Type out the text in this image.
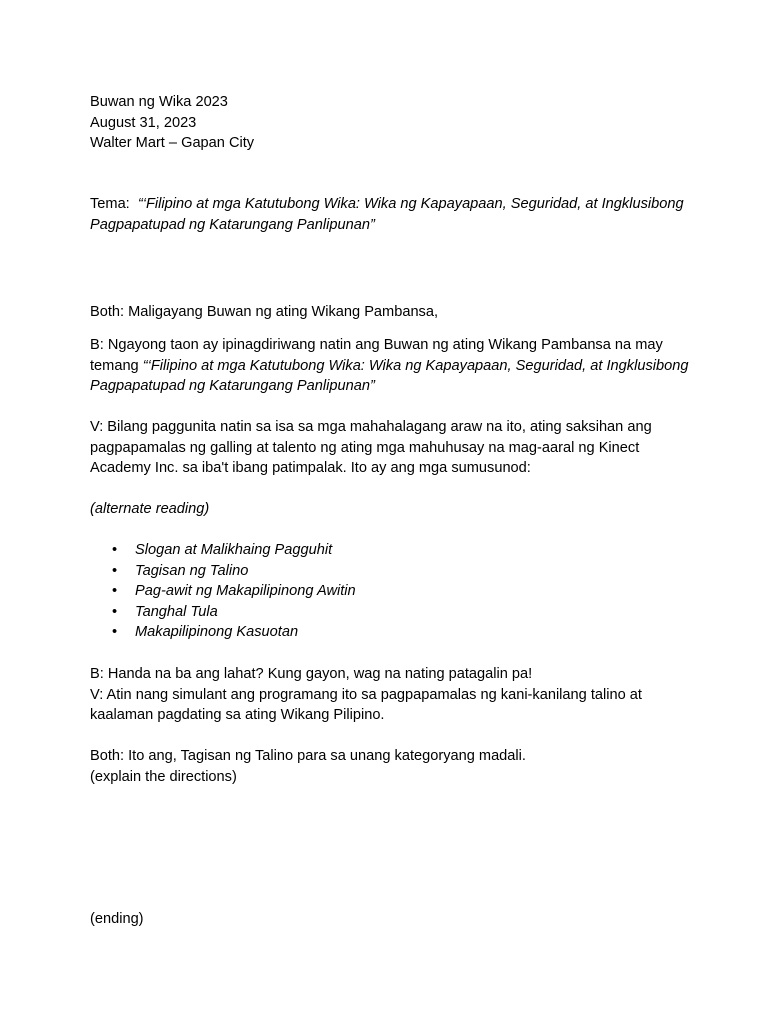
Buwan ng Wika 2023
August 31, 2023
Walter Mart – Gapan City

Tema:  “‘Filipino at mga Katutubong Wika: Wika ng Kapayapaan, Seguridad, at Ingklusibong Pagpapatupad ng Katarungang Panlipunan”

Both: Maligayang Buwan ng ating Wikang Pambansa,

B: Ngayong taon ay ipinagdiriwang natin ang Buwan ng ating Wikang Pambansa na may temang “‘Filipino at mga Katutubong Wika: Wika ng Kapayapaan, Seguridad, at Ingklusibong Pagpapatupad ng Katarungang Panlipunan”

V: Bilang paggunita natin sa isa sa mga mahahalagang araw na ito, ating saksihan ang pagpapamalas ng galling at talento ng ating mga mahuhusay na mag-aaral ng Kinect Academy Inc. sa iba't ibang patimpalak. Ito ay ang mga sumusunod:

(alternate reading)

• Slogan at Malikhaing Pagguhit
• Tagisan ng Talino
• Pag-awit ng Makapilipinong Awitin
• Tanghal Tula
• Makapilipinong Kasuotan
B: Handa na ba ang lahat? Kung gayon, wag na nating patagalin pa!
V: Atin nang simulant ang programang ito sa pagpapamalas ng kani-kanilang talino at kaalaman pagdating sa ating Wikang Pilipino.
Both: Ito ang, Tagisan ng Talino para sa unang kategoryang madali.
(explain the directions)

(ending)
